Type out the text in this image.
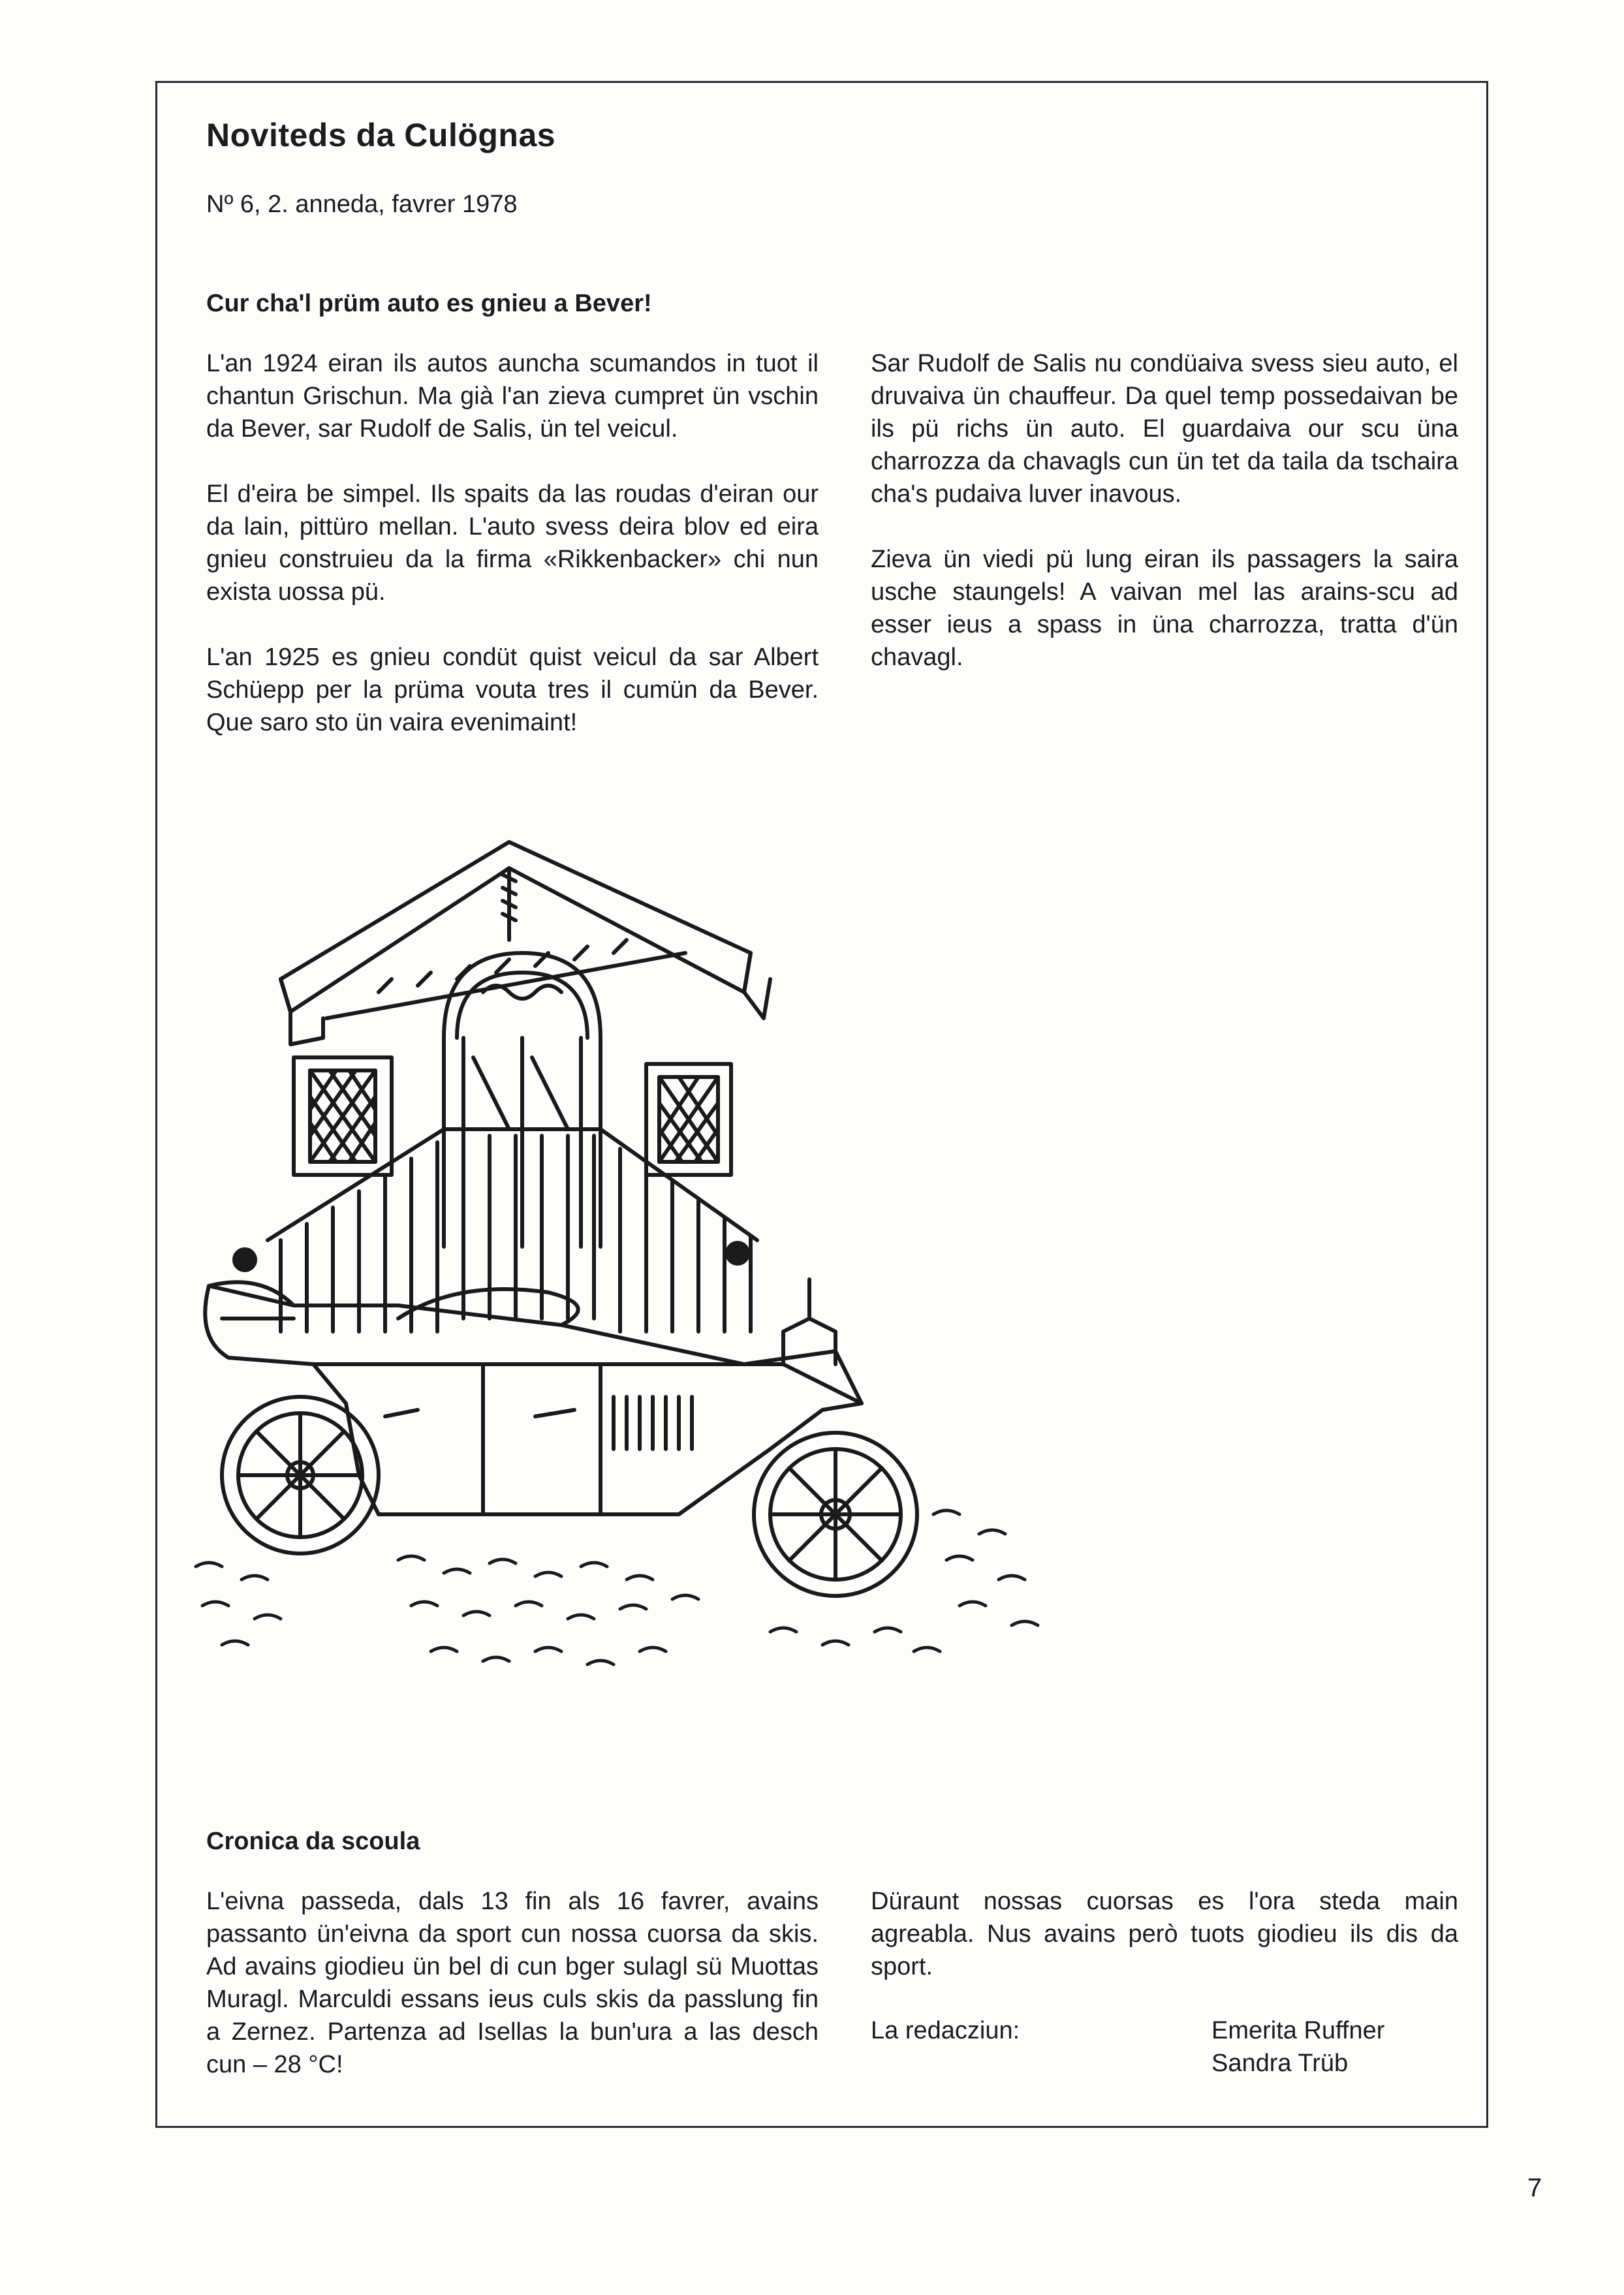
Noviteds da Culögnas
Nº 6, 2. anneda, favrer 1978
Cur cha'l prüm auto es gnieu a Bever!

L'an 1924 eiran ils autos auncha scumandos in tuot il chantun Grischun. Ma già l'an zieva cumpret ün vschin da Bever, sar Rudolf de Salis, ün tel veicul.

El d'eira be simpel. Ils spaits da las roudas d'eiran our da lain, pittüro mellan. L'auto svess deira blov ed eira gnieu construieu da la firma «Rikkenbacker» chi nun exista uossa pü.

L'an 1925 es gnieu condüt quist veicul da sar Albert Schüepp per la prüma vouta tres il cumün da Bever. Que saro sto ün vaira evenimaint!

Sar Rudolf de Salis nu condüaiva svess sieu auto, el druvaiva ün chauffeur. Da quel temp possedaivan be ils pü richs ün auto. El guardaiva our scu üna charrozza da chavagls cun ün tet da taila da tschaira cha's pudaiva luver inavous.

Zieva ün viedi pü lung eiran ils passagers la saira usche staungels! A vaivan mel las arains-scu ad esser ieus a spass in üna charrozza, tratta d'ün chavagl.

Cronica da scoula

L'eivna passeda, dals 13 fin als 16 favrer, avains passanto ün'eivna da sport cun nossa cuorsa da skis. Ad avains giodieu ün bel di cun bger sulagl sü Muottas Muragl. Marculdi essans ieus culs skis da passlung fin a Zernez. Partenza ad Isellas la bun'ura a las desch cun – 28 °C!

Düraunt nossas cuorsas es l'ora steda main agreabla. Nus avains però tuots giodieu ils dis da sport.

La redacziun:	Emerita Ruffner
Sandra Trüb
7
